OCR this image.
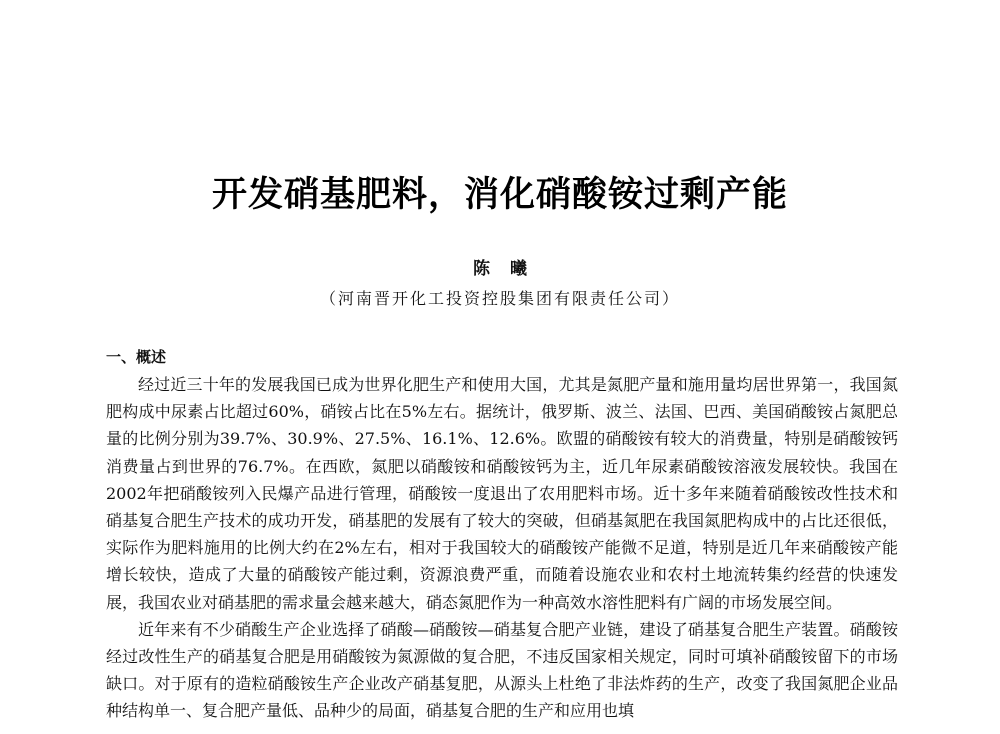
开发硝基肥料，消化硝酸铵过剩产能
陈曦
（河南晋开化工投资控股集团有限责任公司）
一、概述

经过近三十年的发展我国已成为世界化肥生产和使用大国，尤其是氮肥产量和施用量均居世界第一，我国氮肥构成中尿素占比超过60%，硝铵占比在5%左右。据统计，俄罗斯、波兰、法国、巴西、美国硝酸铵占氮肥总量的比例分别为39.7%、30.9%、27.5%、16.1%、12.6%。欧盟的硝酸铵有较大的消费量，特别是硝酸铵钙消费量占到世界的76.7%。在西欧，氮肥以硝酸铵和硝酸铵钙为主，近几年尿素硝酸铵溶液发展较快。我国在2002年把硝酸铵列入民爆产品进行管理，硝酸铵一度退出了农用肥料市场。近十多年来随着硝酸铵改性技术和硝基复合肥生产技术的成功开发，硝基肥的发展有了较大的突破，但硝基氮肥在我国氮肥构成中的占比还很低，实际作为肥料施用的比例大约在2%左右，相对于我国较大的硝酸铵产能微不足道，特别是近几年来硝酸铵产能增长较快，造成了大量的硝酸铵产能过剩，资源浪费严重，而随着设施农业和农村土地流转集约经营的快速发展，我国农业对硝基肥的需求量会越来越大，硝态氮肥作为一种高效水溶性肥料有广阔的市场发展空间。

近年来有不少硝酸生产企业选择了硝酸—硝酸铵—硝基复合肥产业链，建设了硝基复合肥生产装置。硝酸铵经过改性生产的硝基复合肥是用硝酸铵为氮源做的复合肥，不违反国家相关规定，同时可填补硝酸铵留下的市场缺口。对于原有的造粒硝酸铵生产企业改产硝基复肥，从源头上杜绝了非法炸药的生产，改变了我国氮肥企业品种结构单一、复合肥产量低、品种少的局面，硝基复合肥的生产和应用也填
